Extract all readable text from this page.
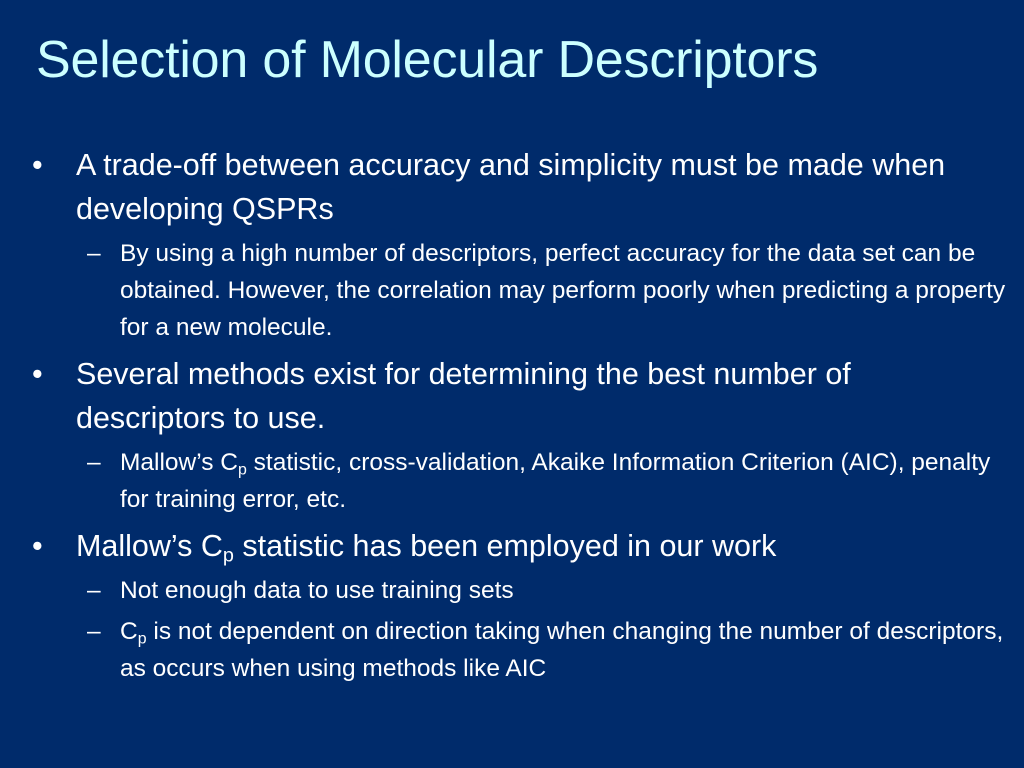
Selection of Molecular Descriptors
• A trade-off between accuracy and simplicity must be made when developing QSPRs
– By using a high number of descriptors, perfect accuracy for the data set can be obtained. However, the correlation may perform poorly when predicting a property for a new molecule.
• Several methods exist for determining the best number of descriptors to use.
– Mallow’s $C_p$ statistic, cross-validation, Akaike Information Criterion (AIC), penalty for training error, etc.
• Mallow’s $C_p$ statistic has been employed in our work
– Not enough data to use training sets
– $C_p$ is not dependent on direction taking when changing the number of descriptors, as occurs when using methods like AIC
